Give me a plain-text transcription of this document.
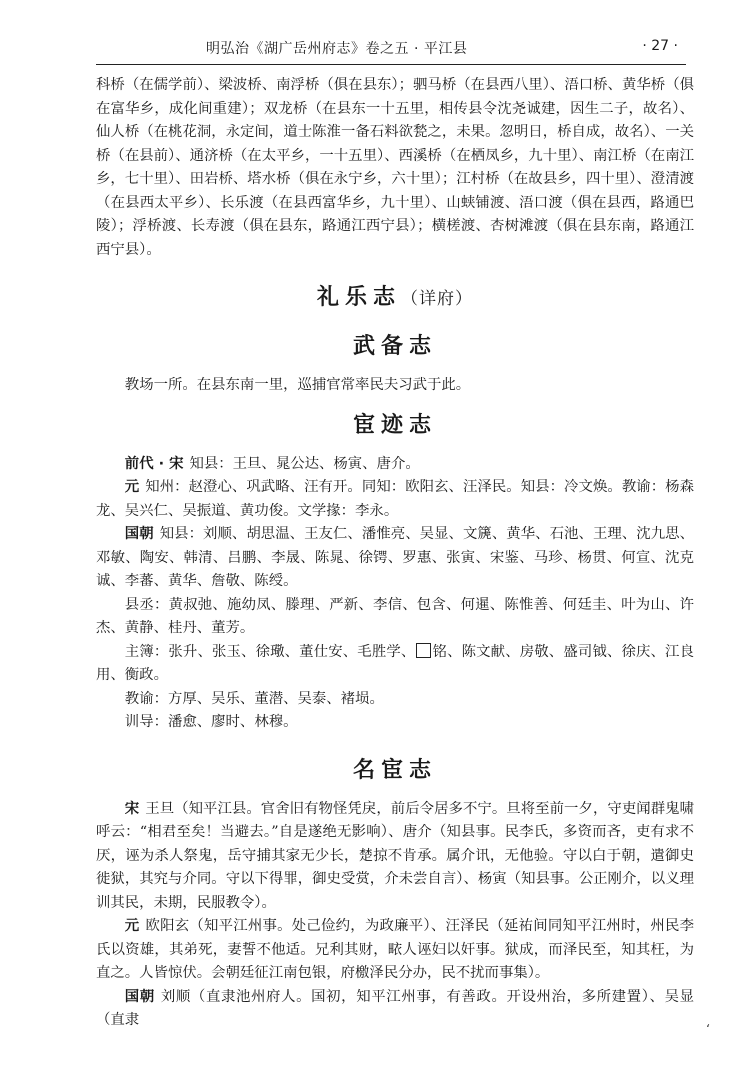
明弘治《湖广岳州府志》卷之五 · 平江县	· 27 ·

科桥（在儒学前）、梁波桥、南浮桥（俱在县东）；驷马桥（在县西八里）、浯口桥、黄华桥（俱在富华乡，成化间重建）；双龙桥（在县东一十五里，相传县令沈尧诚建，因生二子，故名）、仙人桥（在桃花洞，永定间，道士陈淮一备石料欲甃之，未果。忽明日，桥自成，故名）、一关桥（在县前）、通济桥（在太平乡，一十五里）、西溪桥（在栖凤乡，九十里）、南江桥（在南江乡，七十里）、田岩桥、塔水桥（俱在永宁乡，六十里）；江村桥（在故县乡，四十里）、澄清渡（在县西太平乡）、长乐渡（在县西富华乡，九十里）、山蛱铺渡、浯口渡（俱在县西，路通巴陵）；浮桥渡、长寿渡（俱在县东，路通江西宁县）；横槎渡、杏树滩渡（俱在县东南，路通江西宁县）。

礼乐志（详府）
武备志

教场一所。在县东南一里，巡捕官常率民夫习武于此。

宦迹志

前代 · 宋 知县：王旦、晁公达、杨寅、唐介。

元 知州：赵澄心、巩武略、汪有开。同知：欧阳玄、汪泽民。知县：冷文焕。教谕：杨森龙、吴兴仁、吴振道、黄功俊。文学掾：李永。

国朝 知县：刘顺、胡思温、王友仁、潘惟亮、吴显、文篪、黄华、石池、王理、沈九思、邓敏、陶安、韩清、吕鹏、李晟、陈晁、徐锷、罗惠、张寅、宋鉴、马珍、杨贯、何宣、沈克诚、李蕃、黄华、詹敬、陈绶。

县丞：黄叔弛、施幼凤、滕理、严新、李信、包含、何暹、陈惟善、何廷圭、叶为山、许杰、黄静、桂丹、董芳。

主簿：张升、张玉、徐璥、董仕安、毛胜学、 铭、陈文献、房敬、盛司钺、徐庆、江良用、衡政。

教谕：方厚、吴乐、董潜、吴泰、褚埙。

训导：潘愈、廖时、林穆。

名宦志

宋 王旦（知平江县。官舍旧有物怪凭戾，前后令居多不宁。旦将至前一夕，守吏闻群鬼啸呼云：“相君至矣！当避去。”自是遂绝无影响）、唐介（知县事。民李氏，多资而吝，吏有求不厌，诬为杀人祭鬼，岳守捕其家无少长，楚掠不肯承。属介讯，无他验。守以白于朝，遣御史徙狱，其究与介同。守以下得罪，御史受赏，介未尝自言）、杨寅（知县事。公正刚介，以义理训其民，未期，民服教令）。

元 欧阳玄（知平江州事。处己俭约，为政廉平）、汪泽民（延祐间同知平江州时，州民李氏以资雄，其弟死，妻誓不他适。兄利其财，畩人诬妇以奸事。狱成，而泽民至，知其枉，为直之。人皆惊伏。会朝廷征江南包银，府檄泽民分办，民不扰而事集）。

国朝 刘顺（直隶池州府人。国初，知平江州事，有善政。开设州治，多所建置）、吴显（直隶

ʻ
